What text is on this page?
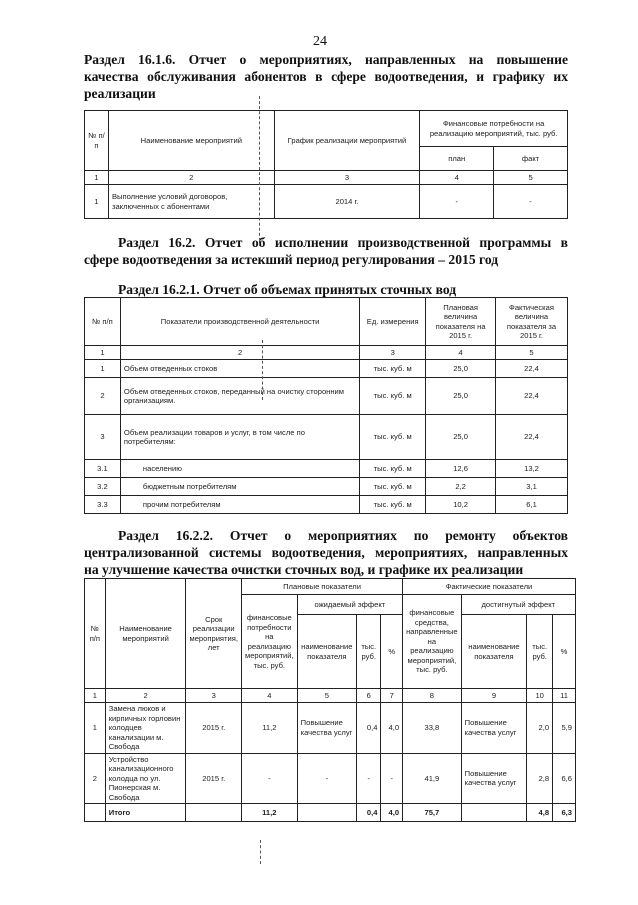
24
Раздел 16.1.6. Отчет о мероприятиях, направленных на повышение
качества обслуживания абонентов в сфере водоотведения, и графику их
реализации
№ п/п	Наименование мероприятий	График реализации мероприятий	Финансовые потребности на реализацию мероприятий, тыс. руб.	
			план	факт
1	2	3	4	5
1	Выполнение условий договоров, заключенных с абонентами	2014 г.	-	-
Раздел 16.2. Отчет об исполнении производственной программы в
сфере водоотведения за истекший период регулирования – 2015 год
Раздел 16.2.1. Отчет об объемах принятых сточных вод
№ п/п	Показатели производственной деятельности	Ед. измерения	Плановая величина показателя на 2015 г.	Фактическая величина показателя за 2015 г.
1	2	3	4	5
1	Объем отведенных стоков	тыс. куб. м	25,0	22,4
2	Объем отведенных стоков, переданный на очистку сторонним организациям.	тыс. куб. м	25,0	22,4
3	Объем реализации товаров и услуг, в том числе по потребителям:	тыс. куб. м	25,0	22,4
3.1	населению	тыс. куб. м	12,6	13,2
3.2	бюджетным потребителям	тыс. куб. м	2,2	3,1
3.3	прочим потребителям	тыс. куб. м	10,2	6,1
Раздел 16.2.2. Отчет о мероприятиях по ремонту объектов
централизованной системы водоотведения, мероприятиях, направленных
на улучшение качества очистки сточных вод, и графике их реализации
№ п/п	Наименование мероприятий	Срок реализации мероприятия, лет	Плановые показатели				Фактические показатели			
			финансовые потребности на реализацию мероприятий, тыс. руб.	ожидаемый эффект			финансовые средства, направленные на реализацию мероприятий, тыс. руб.	достигнутый эффект		
				наименование показателя	тыс. руб.	%		наименование показателя	тыс. руб.	%
1	2	3	4	5	6	7	8	9	10	11
1	Замена люков и кирпичных горловин колодцев канализации м. Свобода	2015 г.	11,2	Повышение качества услуг	0,4	4,0	33,8	Повышение качества услуг	2,0	5,9
2	Устройство канализационного колодца по ул. Пионерская м. Свобода	2015 г.	-	-	-	-	41,9	Повышение качества услуг	2,8	6,6
	Итого		11,2		0,4	4,0	75,7		4,8	6,3
